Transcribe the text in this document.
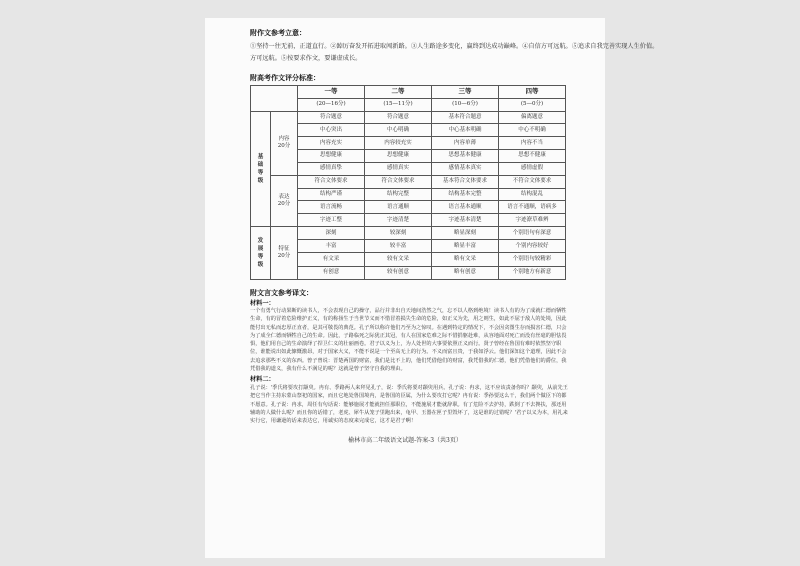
附作文参考立意：
①坚持一往无前，正道直行。②踔厉奋发开拓进取闯新路。③人生路途多变化，赢终到达成功巅峰。④自信方可远航。⑤追求自我完善实现人生价值。
方可远航。⑤按要求作文，要谦虚成长。
附高考作文评分标准：
		一等	二等	三等	四等
		(20—16分)	(15—11分)	(10—6分)	(5—0分)

基
础
等
级	内容
20分	符合题意	符合题意	基本符合题意	偏离题意
		中心突出	中心明确	中心基本明确	中心不明确
		内容充实	内容较充实	内容单薄	内容不当
		思想健康	思想健康	思想基本健康	思想不健康
		感情真挚	感情真实	感情基本真实	感情虚假

	表达
20分	符合文体要求	符合文体要求	基本符合文体要求	不符合文体要求
		结构严谨	结构完整	结构基本完整	结构混乱
		语言流畅	语言通顺	语言基本通顺	语言不通顺，语病多
		字迹工整	字迹清楚	字迹基本清楚	字迹潦草难辨

发
展
等
级	特征
20分	深刻	较深刻	略显深刻	个别语句有深意
		丰富	较丰富	略显丰富	个别内容较好
		有文采	较有文采	略有文采	个别语句较精彩
		有创意	较有创意	略有创意	个别地方有新意
附文言文参考译文：
材料一：
一个有勇气行动果断的读书人，不会表现自己的操守，品行并非出自天地间浩然之气，忘不以人格到绝境！读书人有的为了成就仁德而牺牲生命，有的冒着危险维护正义，有的称扬生于当世节义而不惜冒着损失生命的危险，如正义为先，用之则生，如此不屈于敌人的处境，因此能付出无私而忠厚正直者，是其可敬畏的典范。孔子所以称许他们乃至为之惊叹。在遇到特定的情况下，不会因贪图生存而损害仁德，只会为了成全仁德而牺牲自己的生命。因此，子路临死之际犹正其冠，有人在国家危难之际不惜捐躯赴难，从容地面对死亡而没有丝毫的胆怯畏惧，他们用自己的生命演绎了捍卫仁义的壮丽画卷。君子以义为上，为人处世的大事要依照正义而行。贤子曾经在鲁国有难时依然坚守职位，谁能说出如此慷慨激昂，对于国家大义，不能不说是一个至高无上的行为。不义而富且贵，于我如浮云。他们深知这个道理，因此不会去追求那些不义的东西。曾子曾说：晋楚两国的财富，我们是比不上的，他们凭借他们的财富，我凭借我的仁德，他们凭借他们的爵位，我凭借我的道义，我有什么不满足的呢？这就是曾子坚守自我的理由。
材料二：
孔子说：'季氏将要攻打颛臾。冉有、季路两人来拜见孔子，说：季氏将要对颛臾用兵。孔子说：冉求，这不应该责备你吗？颛臾，从前先王把它当作主持东蒙山祭祀的国家，而且它地处鲁国境内，是鲁国的臣属，为什么要攻打它呢？冉有说：季孙要这么干，我们两个做臣下的都不愿意。孔子说：冉求，周任有句话说：能够施展才能就担任那职位，不能施展才能就辞职。有了危险不去护持，跌倒了不去搀扶，那还用辅助的人做什么呢？而且你的话错了，老虎、犀牛从笼子里跑出来，龟甲、玉器在匣子里毁坏了，这是谁的过错呢？'君子以义为本，用礼来实行它，用谦逊的话来表达它，用诚实的态度来完成它，这才是君子啊！
榆林市高二年级语文试题-答案-3（共3页）
